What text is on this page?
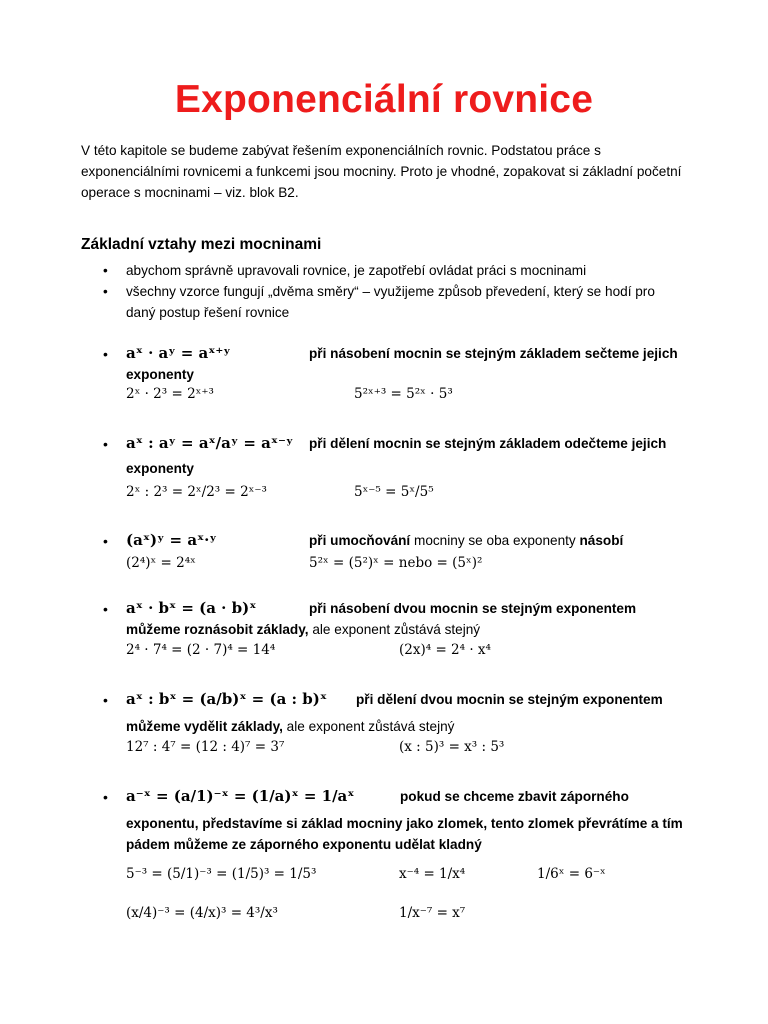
Exponenciální rovnice
V této kapitole se budeme zabývat řešením exponenciálních rovnic. Podstatou práce s exponenciálními rovnicemi a funkcemi jsou mocniny. Proto je vhodné, zopakovat si základní početní operace s mocninami – viz. blok B2.
Základní vztahy mezi mocninami
• abychom správně upravovali rovnice, je zapotřebí ovládat práci s mocninami
• všechny vzorce fungují „dvěma směry“ – využijeme způsob převedení, který se hodí pro daný postup řešení rovnice
• aˣ · aʸ = aˣ⁺ʸ	při násobení mocnin se stejným základem sečteme jejich
exponenty
2ˣ · 2³ = 2ˣ⁺³	5²ˣ⁺³ = 5²ˣ · 5³
• aˣ : aʸ = aˣ/aʸ = aˣ⁻ʸ při dělení mocnin se stejným základem odečteme jejich
exponenty
2ˣ : 2³ = 2ˣ/2³ = 2ˣ⁻³	5ˣ⁻⁵ = 5ˣ/5⁵
• (aˣ)ʸ = aˣ·ʸ	při umocňování mocniny se oba exponenty násobí
(2⁴)ˣ = 2⁴ˣ	5²ˣ = (5²)ˣ = nebo = (5ˣ)²
• aˣ · bˣ = (a · b)ˣ	při násobení dvou mocnin se stejným exponentem
můžeme roznásobit základy, ale exponent zůstává stejný
2⁴ · 7⁴ = (2 · 7)⁴ = 14⁴	(2x)⁴ = 2⁴ · x⁴
• aˣ : bˣ = (a/b)ˣ = (a : b)ˣ při dělení dvou mocnin se stejným exponentem
můžeme vydělit základy, ale exponent zůstává stejný
12⁷ : 4⁷ = (12 : 4)⁷ = 3⁷	(x : 5)³ = x³ : 5³
• a⁻ˣ = (a/1)⁻ˣ = (1/a)ˣ = 1/aˣ	pokud se chceme zbavit záporného
exponentu, představíme si základ mocniny jako zlomek, tento zlomek převrátíme a tím
pádem můžeme ze záporného exponentu udělat kladný
5⁻³ = (5/1)⁻³ = (1/5)³ = 1/5³	x⁻⁴ = 1/x⁴	1/6ˣ = 6⁻ˣ
(x/4)⁻³ = (4/x)³ = 4³/x³	1/x⁻⁷ = x⁷
